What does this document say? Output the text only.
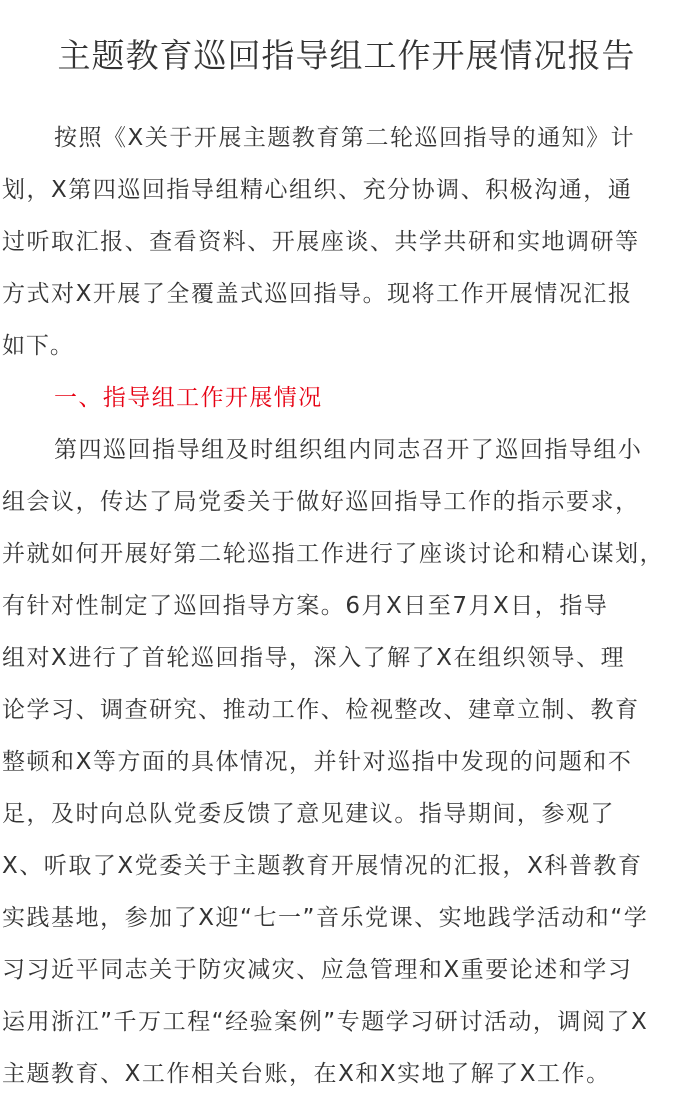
主题教育巡回指导组工作开展情况报告
按照《X关于开展主题教育第二轮巡回指导的通知》计
划，X第四巡回指导组精心组织、充分协调、积极沟通，通
过听取汇报、查看资料、开展座谈、共学共研和实地调研等
方式对X开展了全覆盖式巡回指导。现将工作开展情况汇报
如下。
一、指导组工作开展情况
第四巡回指导组及时组织组内同志召开了巡回指导组小
组会议，传达了局党委关于做好巡回指导工作的指示要求，
并就如何开展好第二轮巡指工作进行了座谈讨论和精心谋划，
有针对性制定了巡回指导方案。6月X日至7月X日，指导
组对X进行了首轮巡回指导，深入了解了X在组织领导、理
论学习、调查研究、推动工作、检视整改、建章立制、教育
整顿和X等方面的具体情况，并针对巡指中发现的问题和不
足，及时向总队党委反馈了意见建议。指导期间，参观了
X、听取了X党委关于主题教育开展情况的汇报，X科普教育
实践基地，参加了X迎“七一”音乐党课、实地践学活动和“学
习习近平同志关于防灾减灾、应急管理和X重要论述和学习
运用浙江”千万工程“经验案例”专题学习研讨活动，调阅了X
主题教育、X工作相关台账，在X和X实地了解了X工作。
